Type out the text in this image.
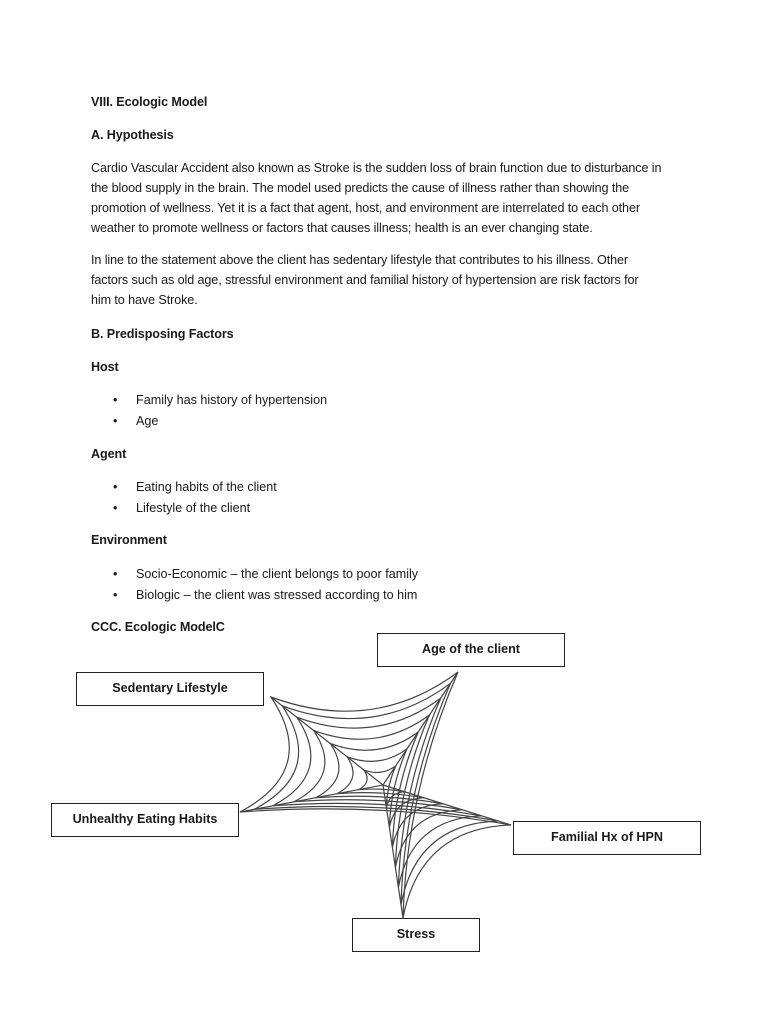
VIII. Ecologic Model
A. Hypothesis
Cardio Vascular Accident also known as Stroke is the sudden loss of brain function due to disturbance in
the blood supply in the brain. The model used predicts the cause of illness rather than showing the
promotion of wellness. Yet it is a fact that agent, host, and environment are interrelated to each other
weather to promote wellness or factors that causes illness; health is an ever changing state.
In line to the statement above the client has sedentary lifestyle that contributes to his illness. Other
factors such as old age, stressful environment and familial history of hypertension are risk factors for
him to have Stroke.
B. Predisposing Factors
Host
• Family has history of hypertension
• Age
Agent
• Eating habits of the client
• Lifestyle of the client
Environment
• Socio-Economic – the client belongs to poor family
• Biologic – the client was stressed according to him
CCC. Ecologic ModelC
Age of the client
Sedentary Lifestyle
Unhealthy Eating Habits
Familial Hx of HPN
Stress
